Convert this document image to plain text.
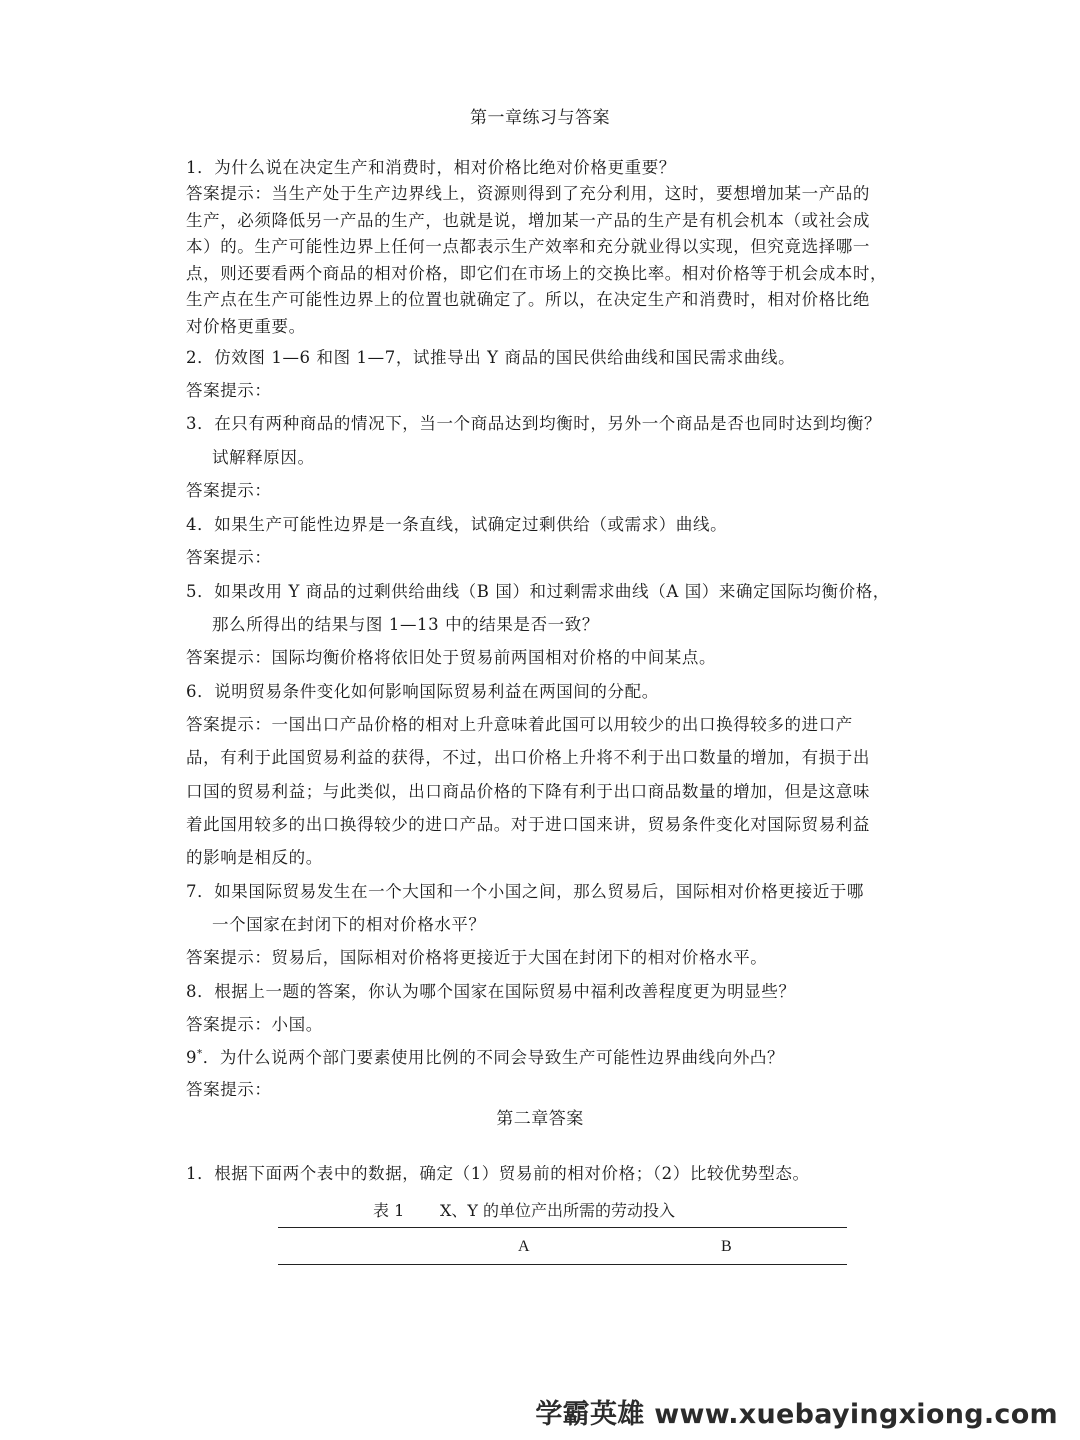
第一章练习与答案
1．为什么说在决定生产和消费时，相对价格比绝对价格更重要？
答案提示：当生产处于生产边界线上，资源则得到了充分利用，这时，要想增加某一产品的
生产，必须降低另一产品的生产，也就是说，增加某一产品的生产是有机会机本（或社会成
本）的。生产可能性边界上任何一点都表示生产效率和充分就业得以实现，但究竟选择哪一
点，则还要看两个商品的相对价格，即它们在市场上的交换比率。相对价格等于机会成本时，
生产点在生产可能性边界上的位置也就确定了。所以，在决定生产和消费时，相对价格比绝
对价格更重要。
2．仿效图 1—6 和图 1—7，试推导出 Y 商品的国民供给曲线和国民需求曲线。
答案提示：
3．在只有两种商品的情况下，当一个商品达到均衡时，另外一个商品是否也同时达到均衡？
试解释原因。
答案提示：
4．如果生产可能性边界是一条直线，试确定过剩供给（或需求）曲线。
答案提示：
5．如果改用 Y 商品的过剩供给曲线（B 国）和过剩需求曲线（A 国）来确定国际均衡价格，
那么所得出的结果与图 1—13 中的结果是否一致？
答案提示：国际均衡价格将依旧处于贸易前两国相对价格的中间某点。
6．说明贸易条件变化如何影响国际贸易利益在两国间的分配。
答案提示：一国出口产品价格的相对上升意味着此国可以用较少的出口换得较多的进口产
品，有利于此国贸易利益的获得，不过，出口价格上升将不利于出口数量的增加，有损于出
口国的贸易利益；与此类似，出口商品价格的下降有利于出口商品数量的增加，但是这意味
着此国用较多的出口换得较少的进口产品。对于进口国来讲，贸易条件变化对国际贸易利益
的影响是相反的。
7．如果国际贸易发生在一个大国和一个小国之间，那么贸易后，国际相对价格更接近于哪
一个国家在封闭下的相对价格水平？
答案提示：贸易后，国际相对价格将更接近于大国在封闭下的相对价格水平。
8．根据上一题的答案，你认为哪个国家在国际贸易中福利改善程度更为明显些？
答案提示：小国。
9*．为什么说两个部门要素使用比例的不同会导致生产可能性边界曲线向外凸？
答案提示：
第二章答案
1．根据下面两个表中的数据，确定（1）贸易前的相对价格；（2）比较优势型态。
表 1 X、Y 的单位产出所需的劳动投入
A	B
学霸英雄 www.xuebayingxiong.com
